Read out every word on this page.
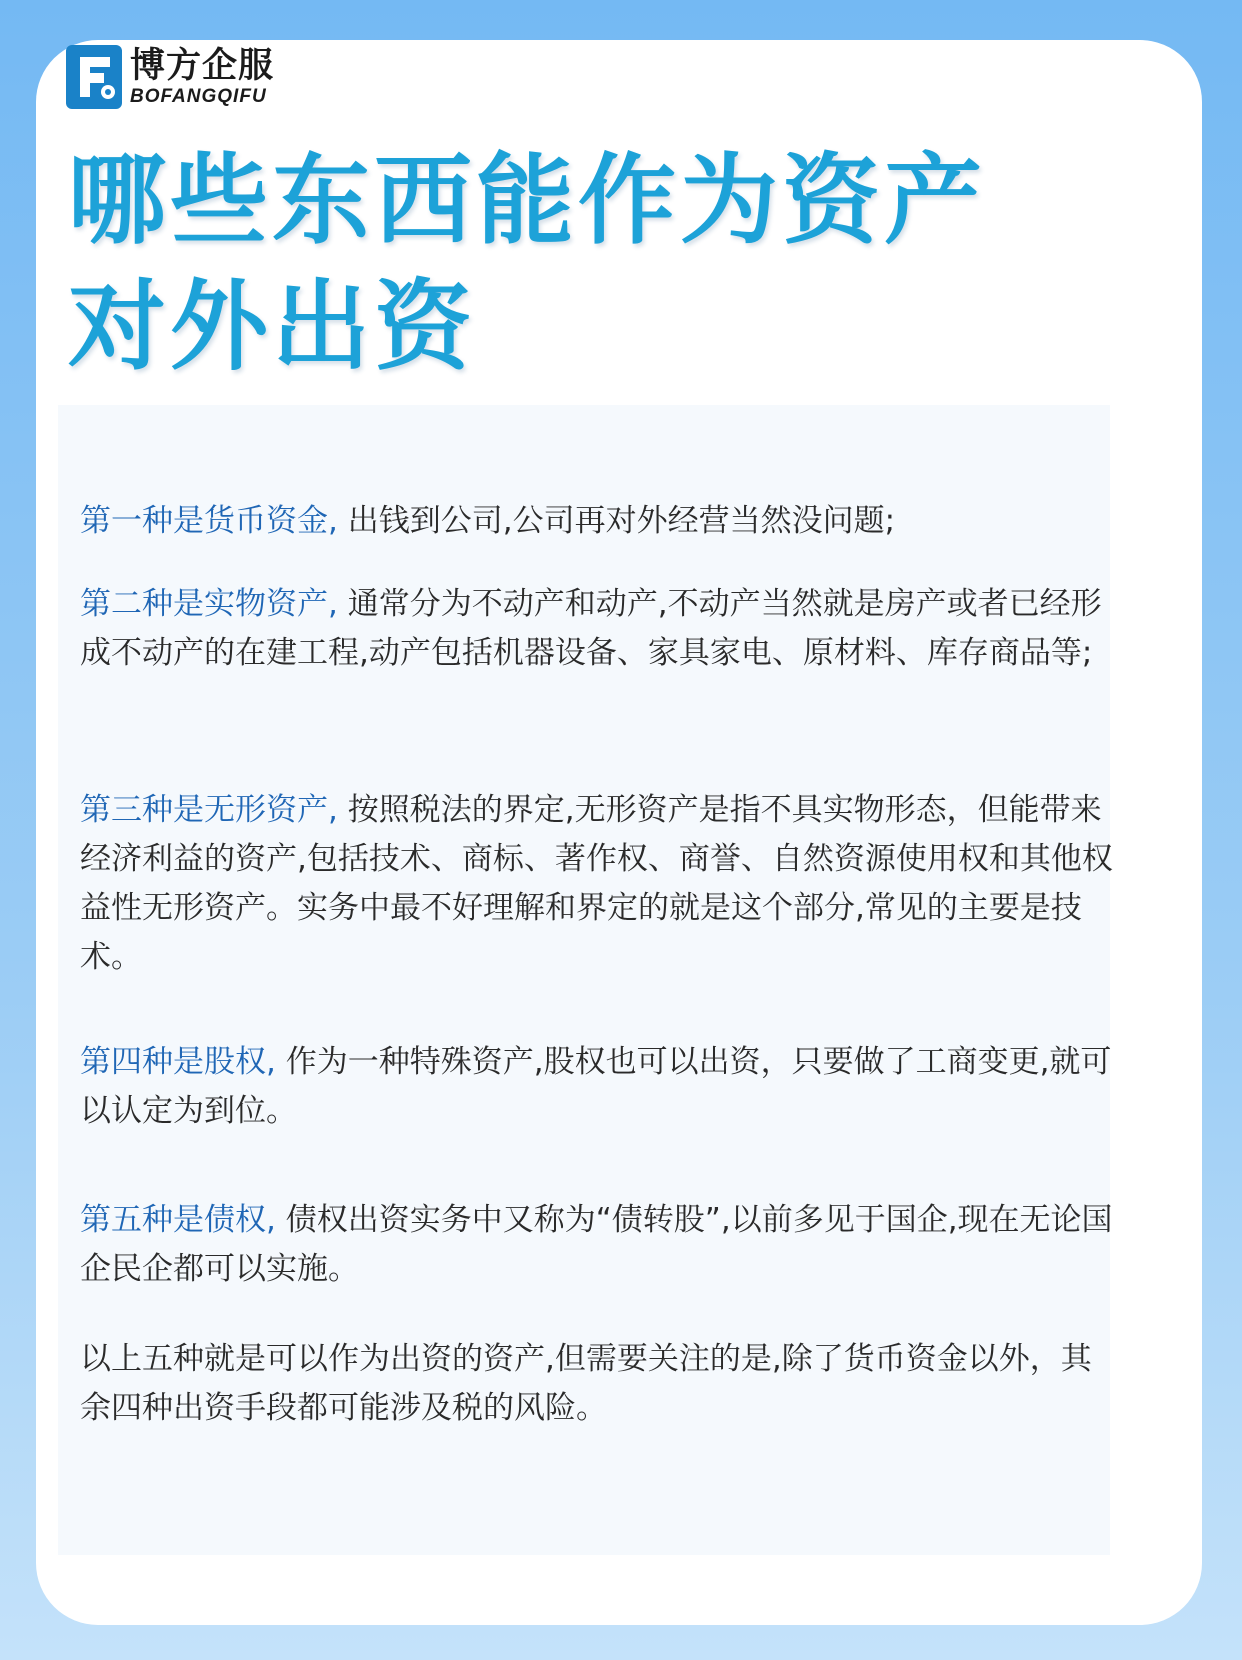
博方企服
BOFANGQIFU
哪些东西能作为资产
对外出资

第一种是货币资金, 出钱到公司,公司再对外经营当然没问题;

第二种是实物资产, 通常分为不动产和动产,不动产当然就是房产或者已经形成不动产的在建工程,动产包括机器设备、家具家电、原材料、库存商品等;

第三种是无形资产, 按照税法的界定,无形资产是指不具实物形态，但能带来经济利益的资产,包括技术、商标、著作权、商誉、自然资源使用权和其他权益性无形资产。实务中最不好理解和界定的就是这个部分,常见的主要是技术。

第四种是股权, 作为一种特殊资产,股权也可以出资，只要做了工商变更,就可以认定为到位。

第五种是债权, 债权出资实务中又称为“债转股”,以前多见于国企,现在无论国企民企都可以实施。

以上五种就是可以作为出资的资产,但需要关注的是,除了货币资金以外，其余四种出资手段都可能涉及税的风险。
